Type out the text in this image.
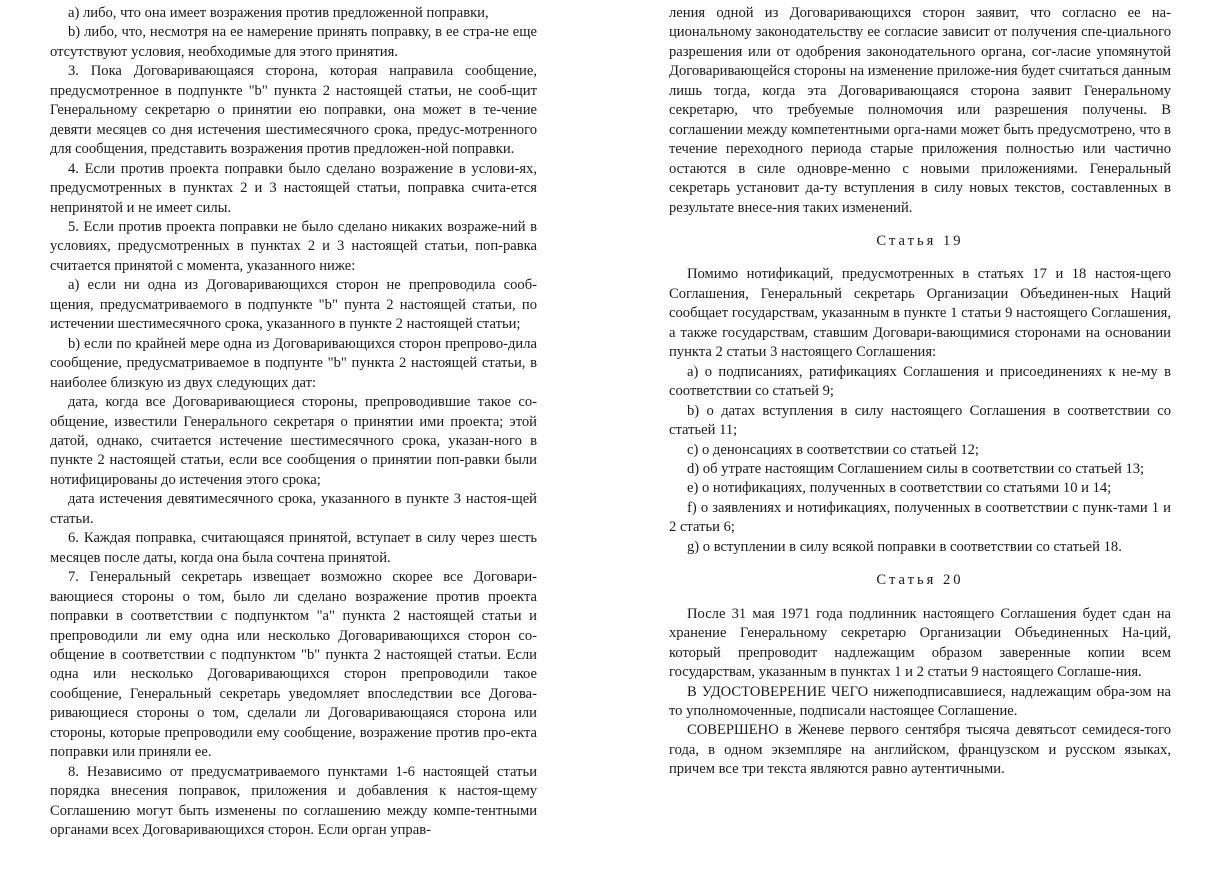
a) либо, что она имеет возражения против предложенной поправки,

b) либо, что, несмотря на ее намерение принять поправку, в ее стра-не еще отсутствуют условия, необходимые для этого принятия.

3. Пока Договаривающаяся сторона, которая направила сообщение, предусмотренное в подпункте "b" пункта 2 настоящей статьи, не сооб-щит Генеральному секретарю о принятии ею поправки, она может в те-чение девяти месяцев со дня истечения шестимесячного срока, предус-мотренного для сообщения, представить возражения против предложен-ной поправки.

4. Если против проекта поправки было сделано возражение в услови-ях, предусмотренных в пунктах 2 и 3 настоящей статьи, поправка счита-ется непринятой и не имеет силы.

5. Если против проекта поправки не было сделано никаких возраже-ний в условиях, предусмотренных в пунктах 2 и 3 настоящей статьи, поп-равка считается принятой с момента, указанного ниже:

a) если ни одна из Договаривающихся сторон не препроводила сооб-щения, предусматриваемого в подпункте "b" пунта 2 настоящей статьи, по истечении шестимесячного срока, указанного в пункте 2 настоящей статьи;

b) если по крайней мере одна из Договаривающихся сторон препрово-дила сообщение, предусматриваемое в подпунте "b" пункта 2 настоящей статьи, в наиболее близкую из двух следующих дат:

дата, когда все Договаривающиеся стороны, препроводившие такое со-общение, известили Генерального секретаря о принятии ими проекта; этой датой, однако, считается истечение шестимесячного срока, указан-ного в пункте 2 настоящей статьи, если все сообщения о принятии поп-равки были нотифицированы до истечения этого срока;

дата истечения девятимесячного срока, указанного в пункте 3 настоя-щей статьи.

6. Каждая поправка, считающаяся принятой, вступает в силу через шесть месяцев после даты, когда она была сочтена принятой.

7. Генеральный секретарь извещает возможно скорее все Договари-вающиеся стороны о том, было ли сделано возражение против проекта поправки в соответствии с подпунктом "a" пункта 2 настоящей статьи и препроводили ли ему одна или несколько Договаривающихся сторон со-общение в соответствии с подпунктом "b" пункта 2 настоящей статьи. Если одна или несколько Договаривающихся сторон препроводили такое сообщение, Генеральный секретарь уведомляет впоследствии все Догова-ривающиеся стороны о том, сделали ли Договаривающаяся сторона или стороны, которые препроводили ему сообщение, возражение против про-екта поправки или приняли ее.

8. Независимо от предусматриваемого пунктами 1-6 настоящей статьи порядка внесения поправок, приложения и добавления к настоя-щему Соглашению могут быть изменены по соглашению между компе-тентными органами всех Договаривающихся сторон. Если орган управ-

ления одной из Договаривающихся сторон заявит, что согласно ее на-циональному законодательству ее согласие зависит от получения спе-циального разрешения или от одобрения законодательного органа, сог-ласие упомянутой Договаривающейся стороны на изменение приложе-ния будет считаться данным лишь тогда, когда эта Договаривающаяся сторона заявит Генеральному секретарю, что требуемые полномочия или разрешения получены. В соглашении между компетентными орга-нами может быть предусмотрено, что в течение переходного периода старые приложения полностью или частично остаются в силе одновре-менно с новыми приложениями. Генеральный секретарь установит да-ту вступления в силу новых текстов, составленных в результате внесе-ния таких изменений.

Статья 19

Помимо нотификаций, предусмотренных в статьях 17 и 18 настоя-щего Соглашения, Генеральный секретарь Организации Объединен-ных Наций сообщает государствам, указанным в пункте 1 статьи 9 настоящего Соглашения, а также государствам, ставшим Договари-вающимися сторонами на основании пункта 2 статьи 3 настоящего Соглашения:

a) о подписаниях, ратификациях Соглашения и присоединениях к не-му в соответствии со статьей 9;

b) о датах вступления в силу настоящего Соглашения в соответствии со статьей 11;

c) о денонсациях в соответствии со статьей 12;

d) об утрате настоящим Соглашением силы в соответствии со статьей 13;

e) о нотификациях, полученных в соответствии со статьями 10 и 14;

f) о заявлениях и нотификациях, полученных в соответствии с пунк-тами 1 и 2 статьи 6;

g) о вступлении в силу всякой поправки в соответствии со статьей 18.

Статья 20

После 31 мая 1971 года подлинник настоящего Соглашения будет сдан на хранение Генеральному секретарю Организации Объединенных На-ций, который препроводит надлежащим образом заверенные копии всем государствам, указанным в пунктах 1 и 2 статьи 9 настоящего Соглаше-ния.

В УДОСТОВЕРЕНИЕ ЧЕГО нижеподписавшиеся, надлежащим обра-зом на то уполномоченные, подписали настоящее Соглашение.

СОВЕРШЕНО в Женеве первого сентября тысяча девятьсот семидеся-того года, в одном экземпляре на английском, французском и русском языках, причем все три текста являются равно аутентичными.
